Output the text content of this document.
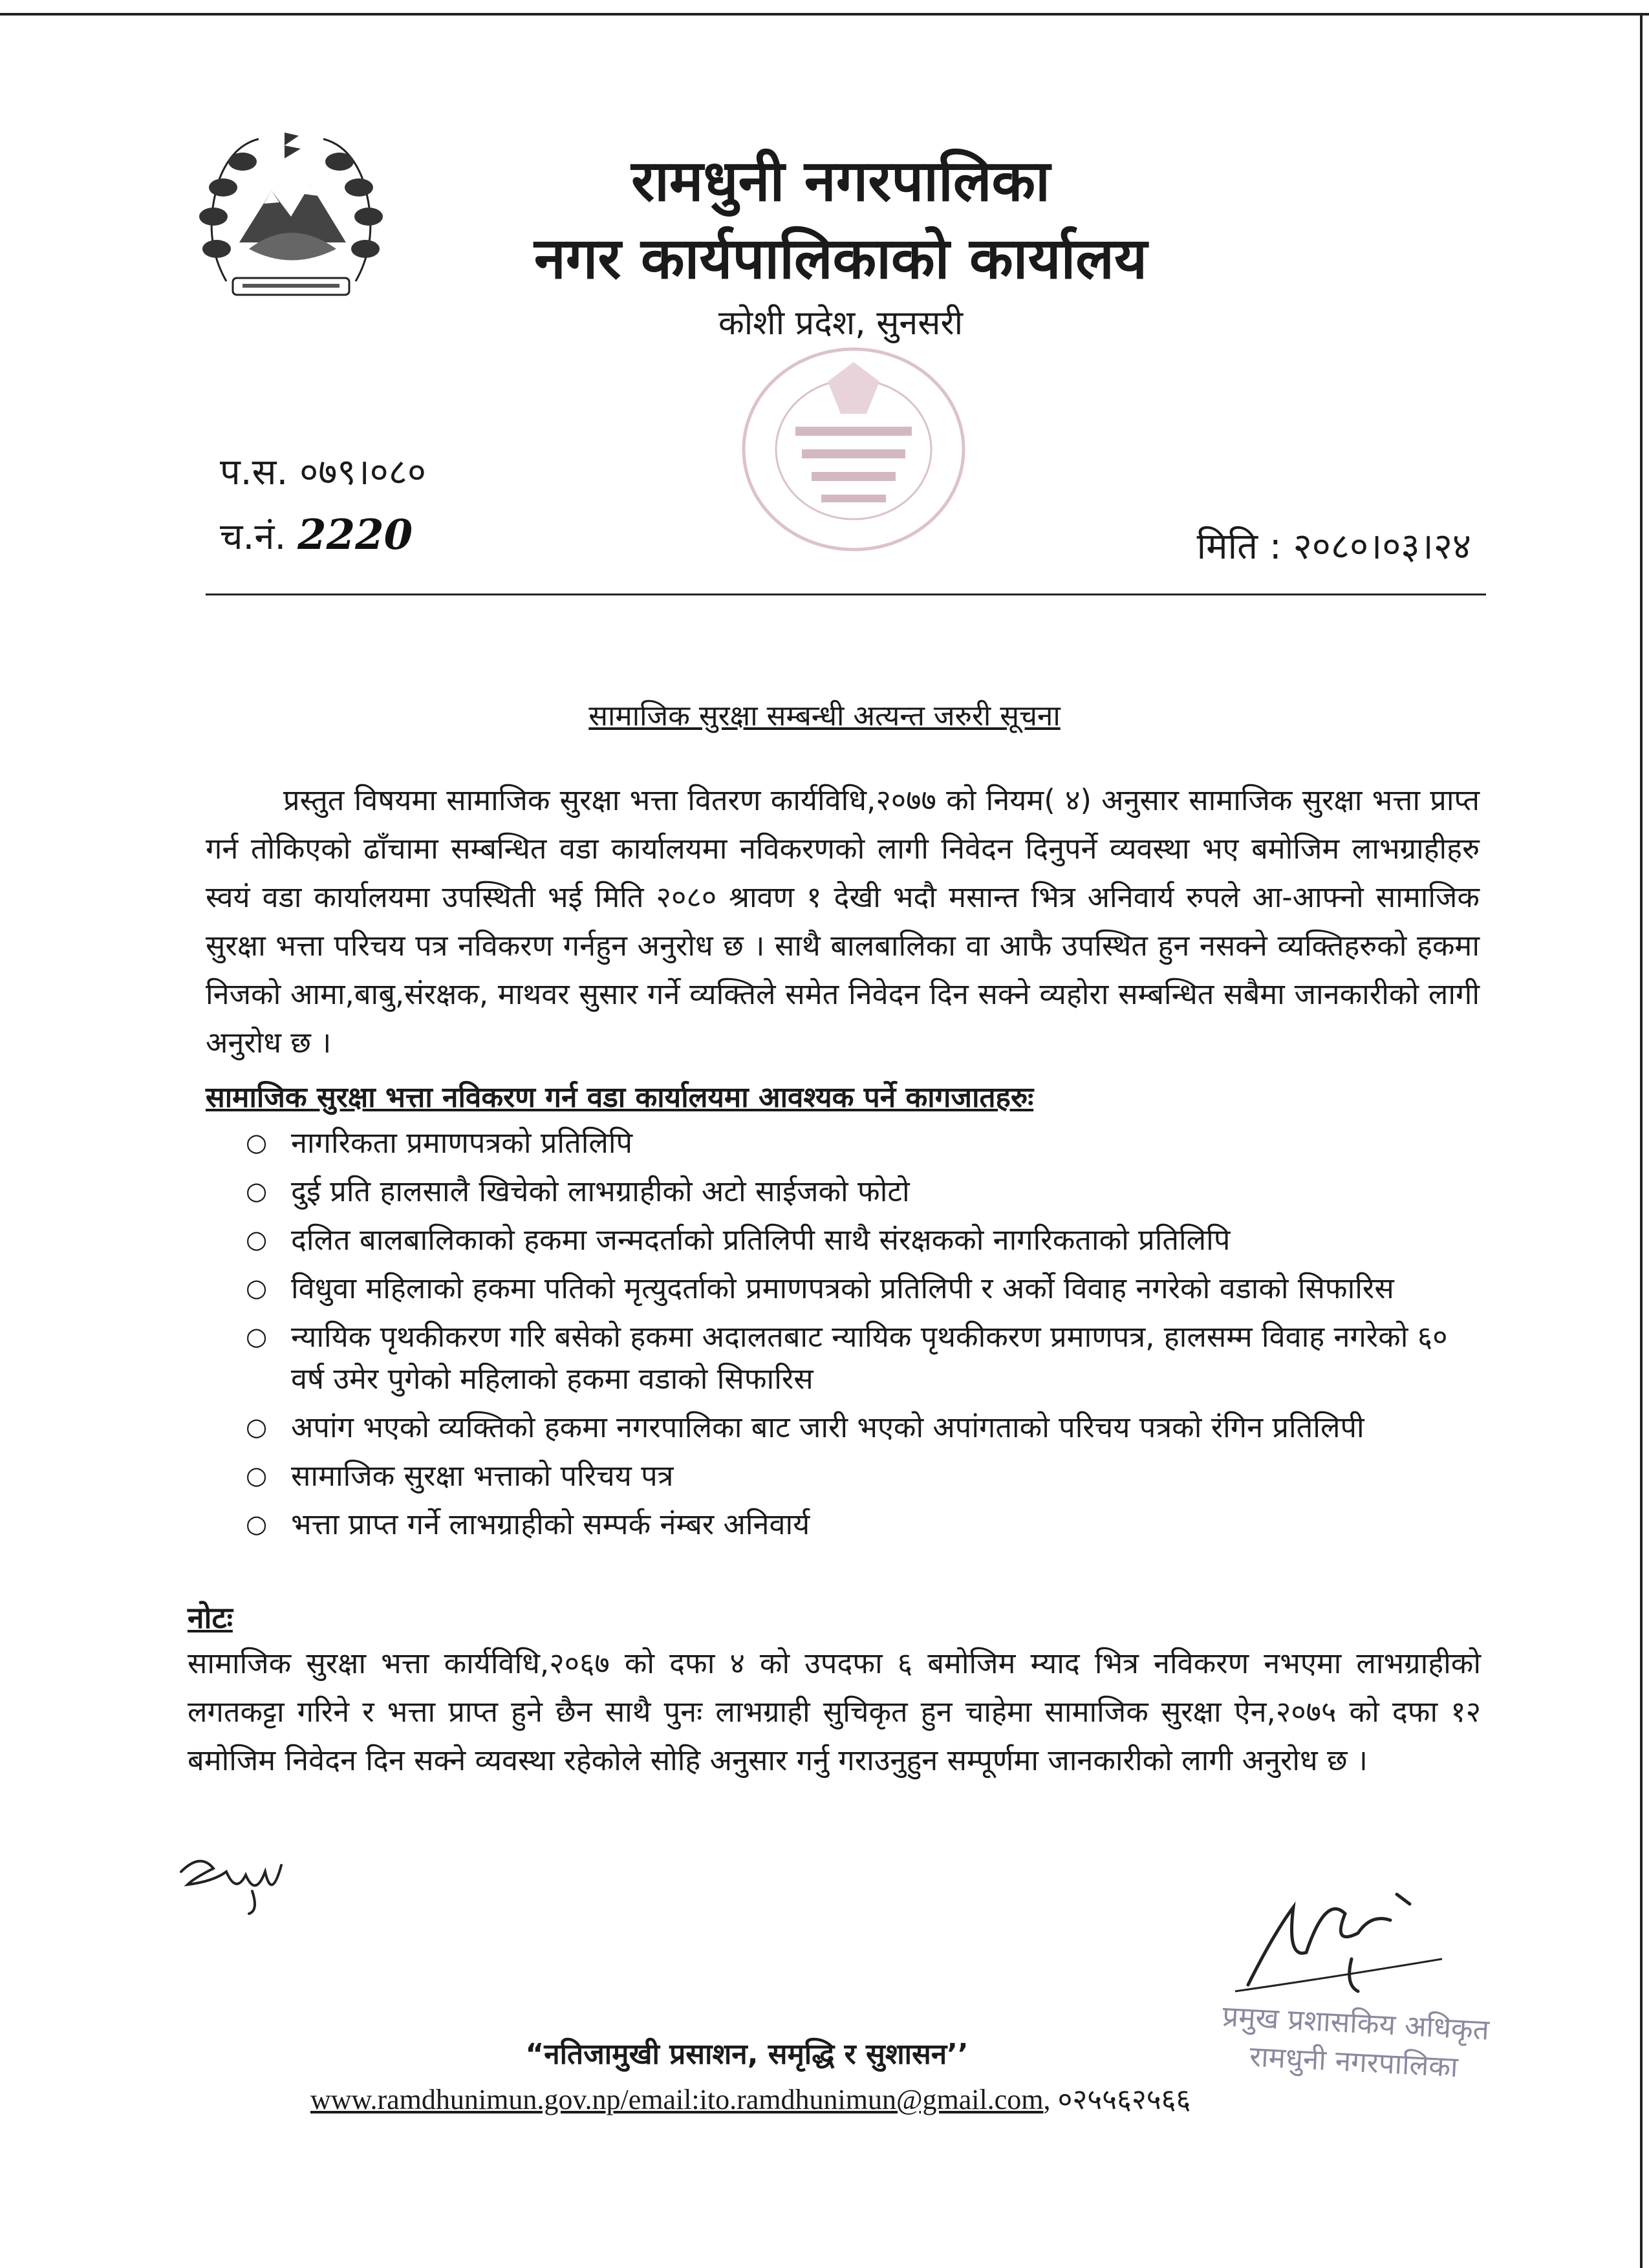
रामधुनी नगरपालिका
नगर कार्यपालिकाको कार्यालय
कोशी प्रदेश, सुनसरी
प.स. ०७९।०८०
च.नं. 2220	मिति : २०८०।०३।२४
सामाजिक सुरक्षा सम्बन्धी अत्यन्त जरुरी सूचना
प्रस्तुत विषयमा सामाजिक सुरक्षा भत्ता वितरण कार्यविधि,२०७७ को नियम( ४) अनुसार सामाजिक सुरक्षा भत्ता प्राप्त गर्न तोकिएको ढाँचामा सम्बन्धित वडा कार्यालयमा नविकरणको लागी निवेदन दिनुपर्ने व्यवस्था भए बमोजिम लाभग्राहीहरु स्वयं वडा कार्यालयमा उपस्थिती भई मिति २०८० श्रावण १ देखी भदौ मसान्त भित्र अनिवार्य रुपले आ-आफ्नो सामाजिक सुरक्षा भत्ता परिचय पत्र नविकरण गर्नहुन अनुरोध छ । साथै बालबालिका वा आफै उपस्थित हुन नसक्ने व्यक्तिहरुको हकमा निजको आमा,बाबु,संरक्षक, माथवर सुसार गर्ने व्यक्तिले समेत निवेदन दिन सक्ने व्यहोरा सम्बन्धित सबैमा जानकारीको लागी अनुरोध छ ।
सामाजिक सुरक्षा भत्ता नविकरण गर्न वडा कार्यालयमा आवश्यक पर्ने कागजातहरुः
○ नागरिकता प्रमाणपत्रको प्रतिलिपि
○ दुई प्रति हालसालै खिचेको लाभग्राहीको अटो साईजको फोटो
○ दलित बालबालिकाको हकमा जन्मदर्ताको प्रतिलिपी साथै संरक्षकको नागरिकताको प्रतिलिपि
○ विधुवा महिलाको हकमा पतिको मृत्युदर्ताको प्रमाणपत्रको प्रतिलिपी र अर्को विवाह नगरेको वडाको सिफारिस
○ न्यायिक पृथकीकरण गरि बसेको हकमा अदालतबाट न्यायिक पृथकीकरण प्रमाणपत्र, हालसम्म विवाह नगरेको ६० वर्ष उमेर पुगेको महिलाको हकमा वडाको सिफारिस
○ अपांग भएको व्यक्तिको हकमा नगरपालिका बाट जारी भएको अपांगताको परिचय पत्रको रंगिन प्रतिलिपी
○ सामाजिक सुरक्षा भत्ताको परिचय पत्र
○ भत्ता प्राप्त गर्ने लाभग्राहीको सम्पर्क नंम्बर अनिवार्य
नोटः
सामाजिक सुरक्षा भत्ता कार्यविधि,२०६७ को दफा ४ को उपदफा ६ बमोजिम म्याद भित्र नविकरण नभएमा लाभग्राहीको लगतकट्टा गरिने र भत्ता प्राप्त हुने छैन साथै पुनः लाभग्राही सुचिकृत हुन चाहेमा सामाजिक सुरक्षा ऐन,२०७५ को दफा १२ बमोजिम निवेदन दिन सक्ने व्यवस्था रहेकोले सोहि अनुसार गर्नु गराउनुहुन सम्पूर्णमा जानकारीको लागी अनुरोध छ ।
प्रमुख प्रशासकिय अधिकृत
रामधुनी नगरपालिका
“नतिजामुखी प्रसाशन, समृद्धि र सुशासन’’
www.ramdhunimun.gov.np/email:ito.ramdhunimun@gmail.com, ०२५५६२५६६
